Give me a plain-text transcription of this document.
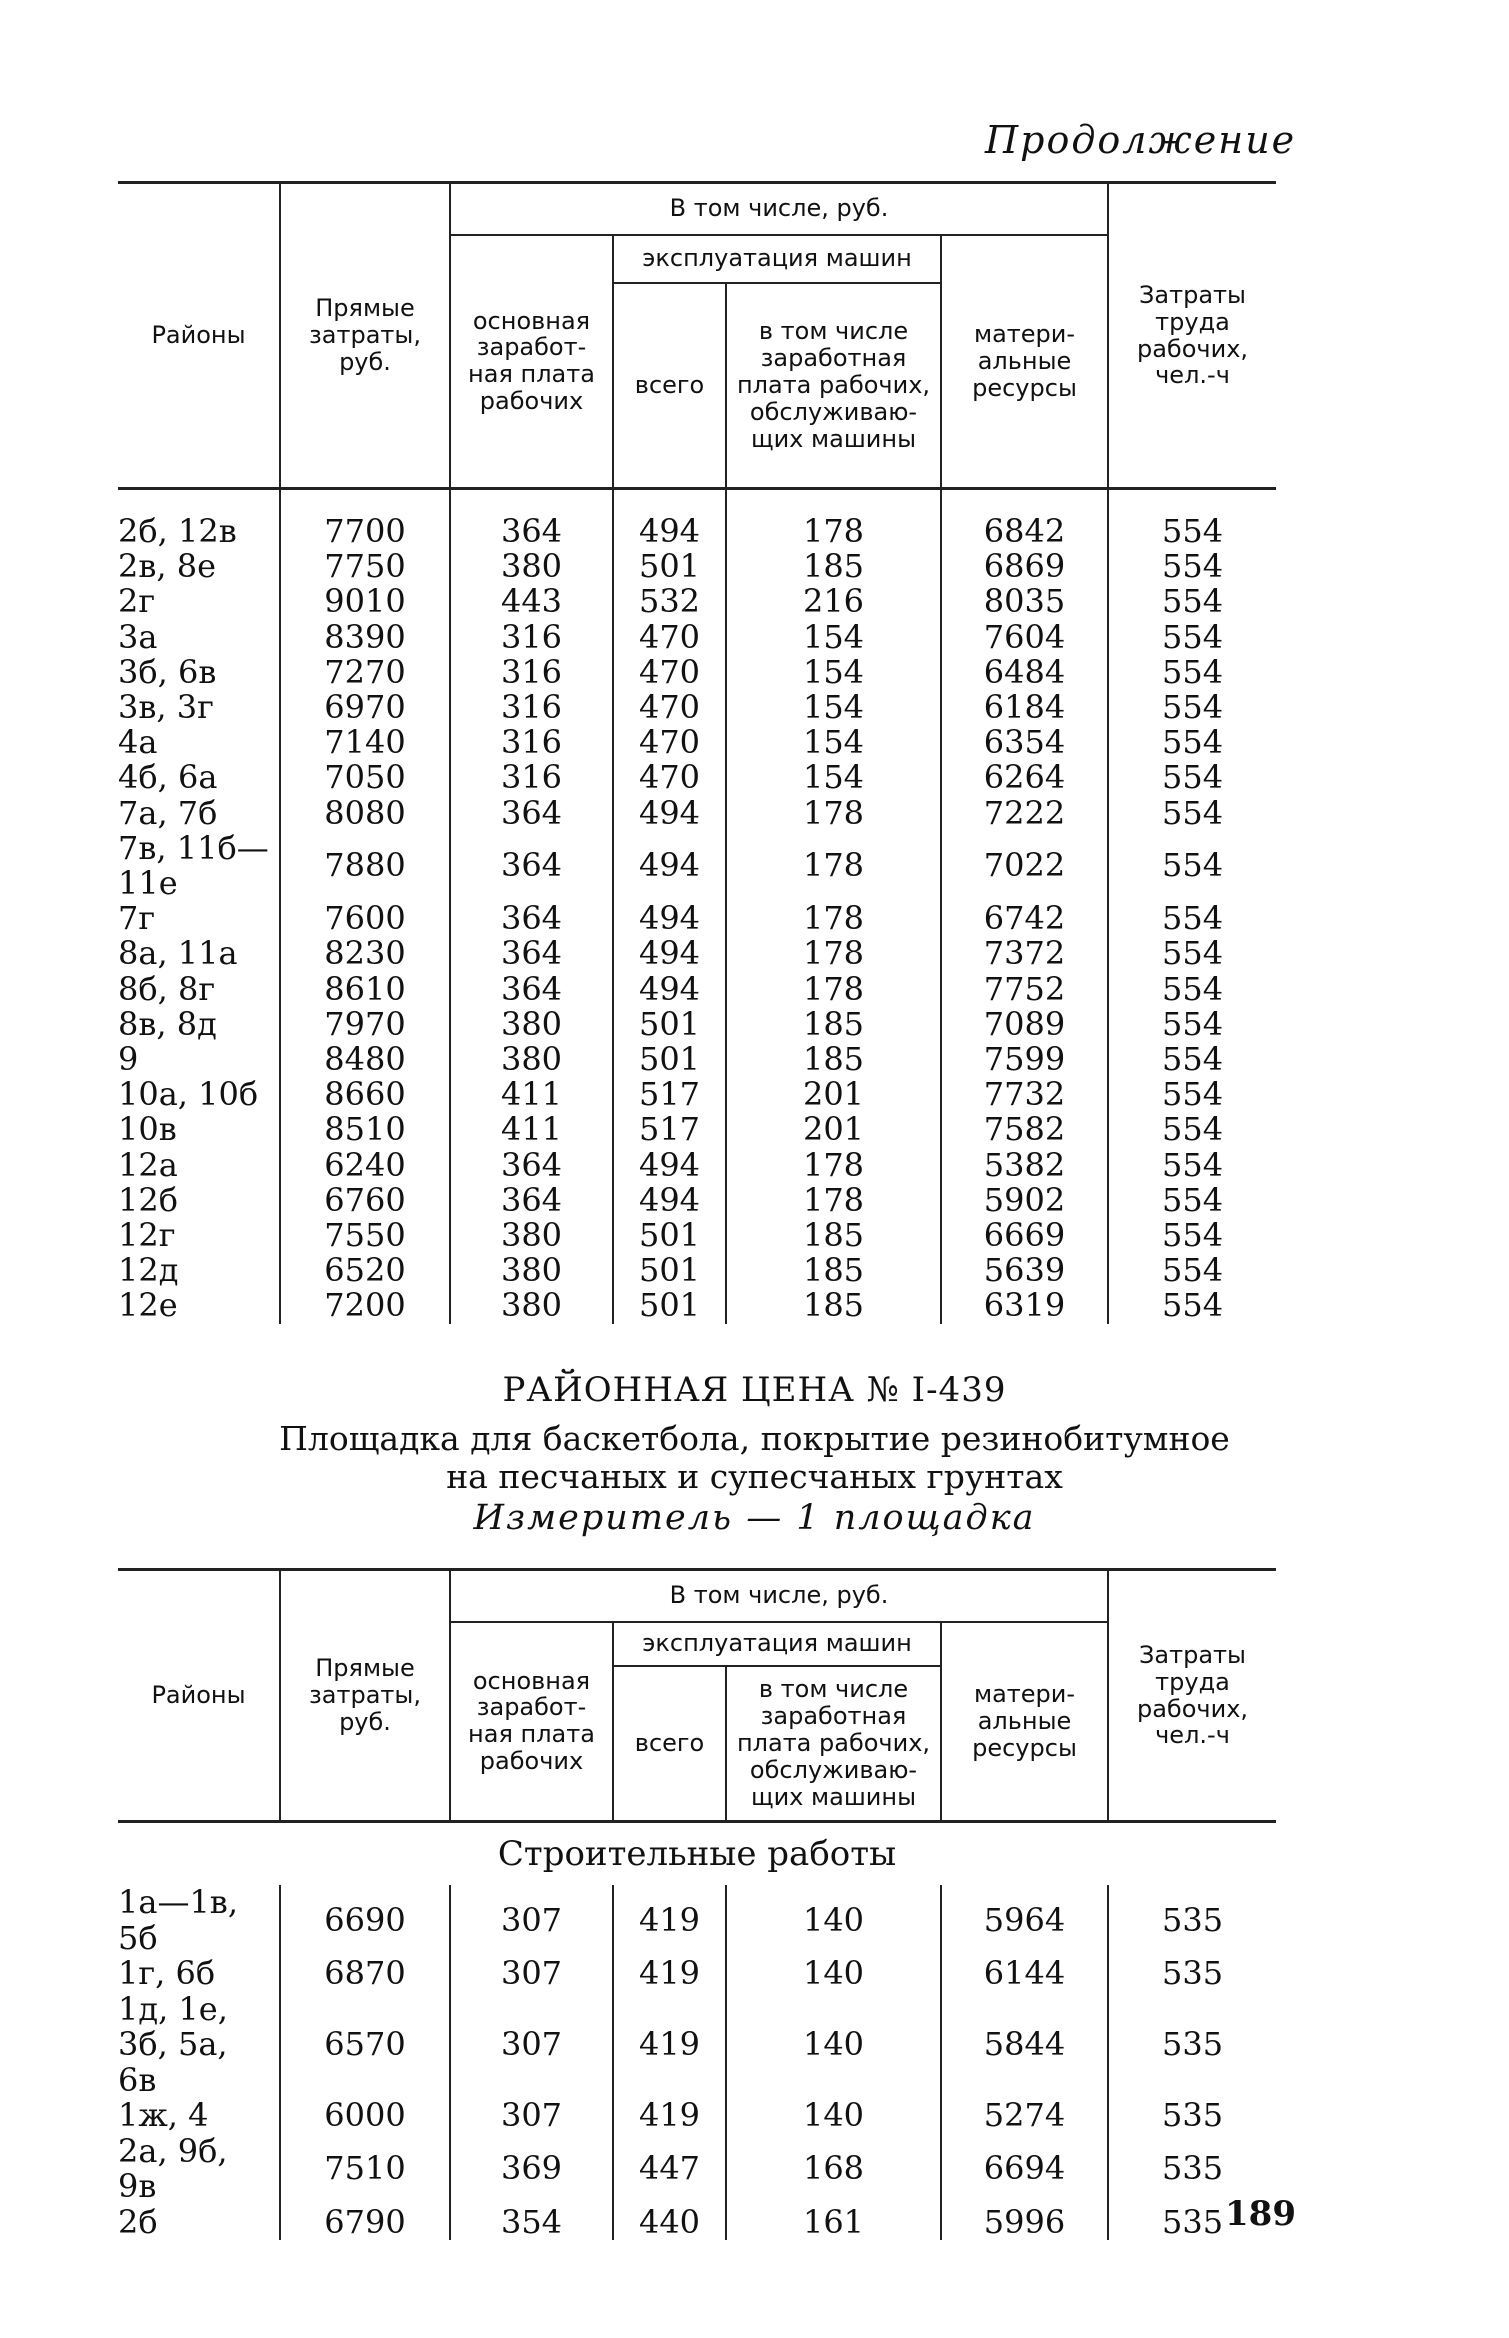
Продолжение
Районы	Прямые затраты, руб.	В том числе, руб.				Затраты труда рабочих, чел.-ч
		основная заработ- ная плата рабочих	эксплуатация машин		матери- альные ресурсы	
			всего	в том числе заработная плата рабочих, обслуживаю- щих машины		

2б, 12в	7700	364	494	178	6842	554
2в, 8е	7750	380	501	185	6869	554
2г	9010	443	532	216	8035	554
3а	8390	316	470	154	7604	554
3б, 6в	7270	316	470	154	6484	554
3в, 3г	6970	316	470	154	6184	554
4а	7140	316	470	154	6354	554
4б, 6а	7050	316	470	154	6264	554
7а, 7б	8080	364	494	178	7222	554
7в, 11б—11е	7880	364	494	178	7022	554
7г	7600	364	494	178	6742	554
8а, 11а	8230	364	494	178	7372	554
8б, 8г	8610	364	494	178	7752	554
8в, 8д	7970	380	501	185	7089	554
9	8480	380	501	185	7599	554
10а, 10б	8660	411	517	201	7732	554
10в	8510	411	517	201	7582	554
12а	6240	364	494	178	5382	554
12б	6760	364	494	178	5902	554
12г	7550	380	501	185	6669	554
12д	6520	380	501	185	5639	554
12е	7200	380	501	185	6319	554
РАЙОННАЯ ЦЕНА № I-439
Площадка для баскетбола, покрытие резинобитумное
на песчаных и супесчаных грунтах
Измеритель — 1 площадка
Районы	Прямые затраты, руб.	В том числе, руб.				Затраты труда рабочих, чел.-ч
		основная заработ- ная плата рабочих	эксплуатация машин		матери- альные ресурсы	
			всего	в том числе заработная плата рабочих, обслуживаю- щих машины		
Строительные работы						
1а—1в, 5б	6690	307	419	140	5964	535
1г, 6б	6870	307	419	140	6144	535
1д, 1е, 3б, 5а, 6в	6570	307	419	140	5844	535
1ж, 4	6000	307	419	140	5274	535
2а, 9б, 9в	7510	369	447	168	6694	535
2б	6790	354	440	161	5996	535 189
